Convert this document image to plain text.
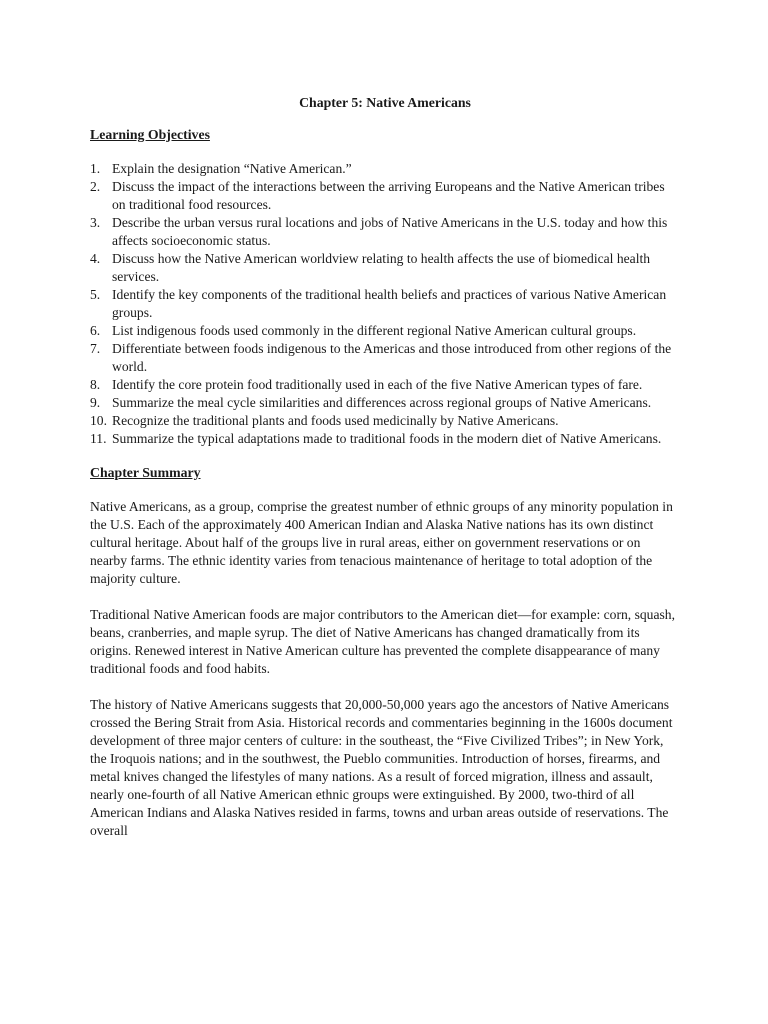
Chapter 5: Native Americans
Learning Objectives
1. Explain the designation “Native American.”
2. Discuss the impact of the interactions between the arriving Europeans and the Native American tribes on traditional food resources.
3. Describe the urban versus rural locations and jobs of Native Americans in the U.S. today and how this affects socioeconomic status.
4. Discuss how the Native American worldview relating to health affects the use of biomedical health services.
5. Identify the key components of the traditional health beliefs and practices of various Native American groups.
6. List indigenous foods used commonly in the different regional Native American cultural groups.
7. Differentiate between foods indigenous to the Americas and those introduced from other regions of the world.
8. Identify the core protein food traditionally used in each of the five Native American types of fare.
9. Summarize the meal cycle similarities and differences across regional groups of Native Americans.
10. Recognize the traditional plants and foods used medicinally by Native Americans.
11. Summarize the typical adaptations made to traditional foods in the modern diet of Native Americans.
Chapter Summary

Native Americans, as a group, comprise the greatest number of ethnic groups of any minority population in the U.S. Each of the approximately 400 American Indian and Alaska Native nations has its own distinct cultural heritage. About half of the groups live in rural areas, either on government reservations or on nearby farms. The ethnic identity varies from tenacious maintenance of heritage to total adoption of the majority culture.

Traditional Native American foods are major contributors to the American diet—for example: corn, squash, beans, cranberries, and maple syrup. The diet of Native Americans has changed dramatically from its origins. Renewed interest in Native American culture has prevented the complete disappearance of many traditional foods and food habits.

The history of Native Americans suggests that 20,000-50,000 years ago the ancestors of Native Americans crossed the Bering Strait from Asia. Historical records and commentaries beginning in the 1600s document development of three major centers of culture: in the southeast, the “Five Civilized Tribes”; in New York, the Iroquois nations; and in the southwest, the Pueblo communities. Introduction of horses, firearms, and metal knives changed the lifestyles of many nations. As a result of forced migration, illness and assault, nearly one-fourth of all Native American ethnic groups were extinguished. By 2000, two-third of all American Indians and Alaska Natives resided in farms, towns and urban areas outside of reservations. The overall
